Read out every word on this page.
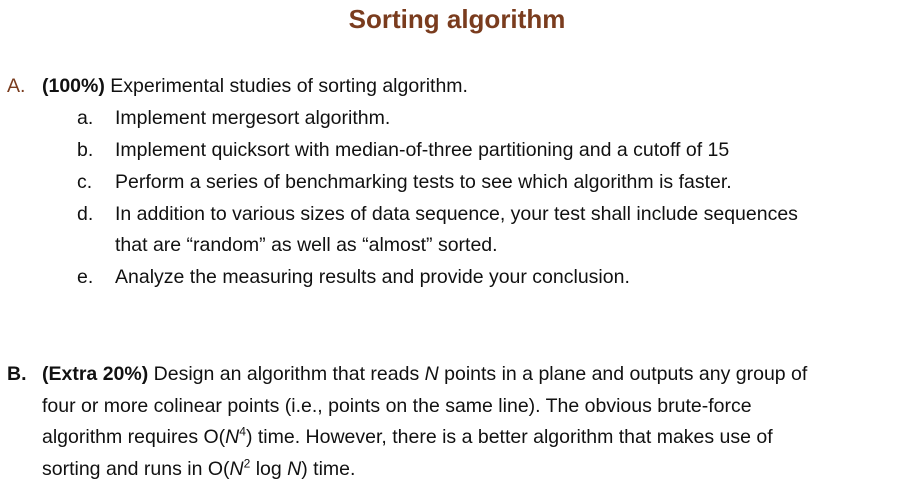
Sorting algorithm
A. (100%) Experimental studies of sorting algorithm.
a. Implement mergesort algorithm.
b. Implement quicksort with median-of-three partitioning and a cutoff of 15
c. Perform a series of benchmarking tests to see which algorithm is faster.
d. In addition to various sizes of data sequence, your test shall include sequences
that are “random” as well as “almost” sorted.
e. Analyze the measuring results and provide your conclusion.
B. (Extra 20%) Design an algorithm that reads N points in a plane and outputs any group of
four or more colinear points (i.e., points on the same line). The obvious brute-force
algorithm requires $O(N^4)$ time. However, there is a better algorithm that makes use of
sorting and runs in $O(N^2$ log N) time.
